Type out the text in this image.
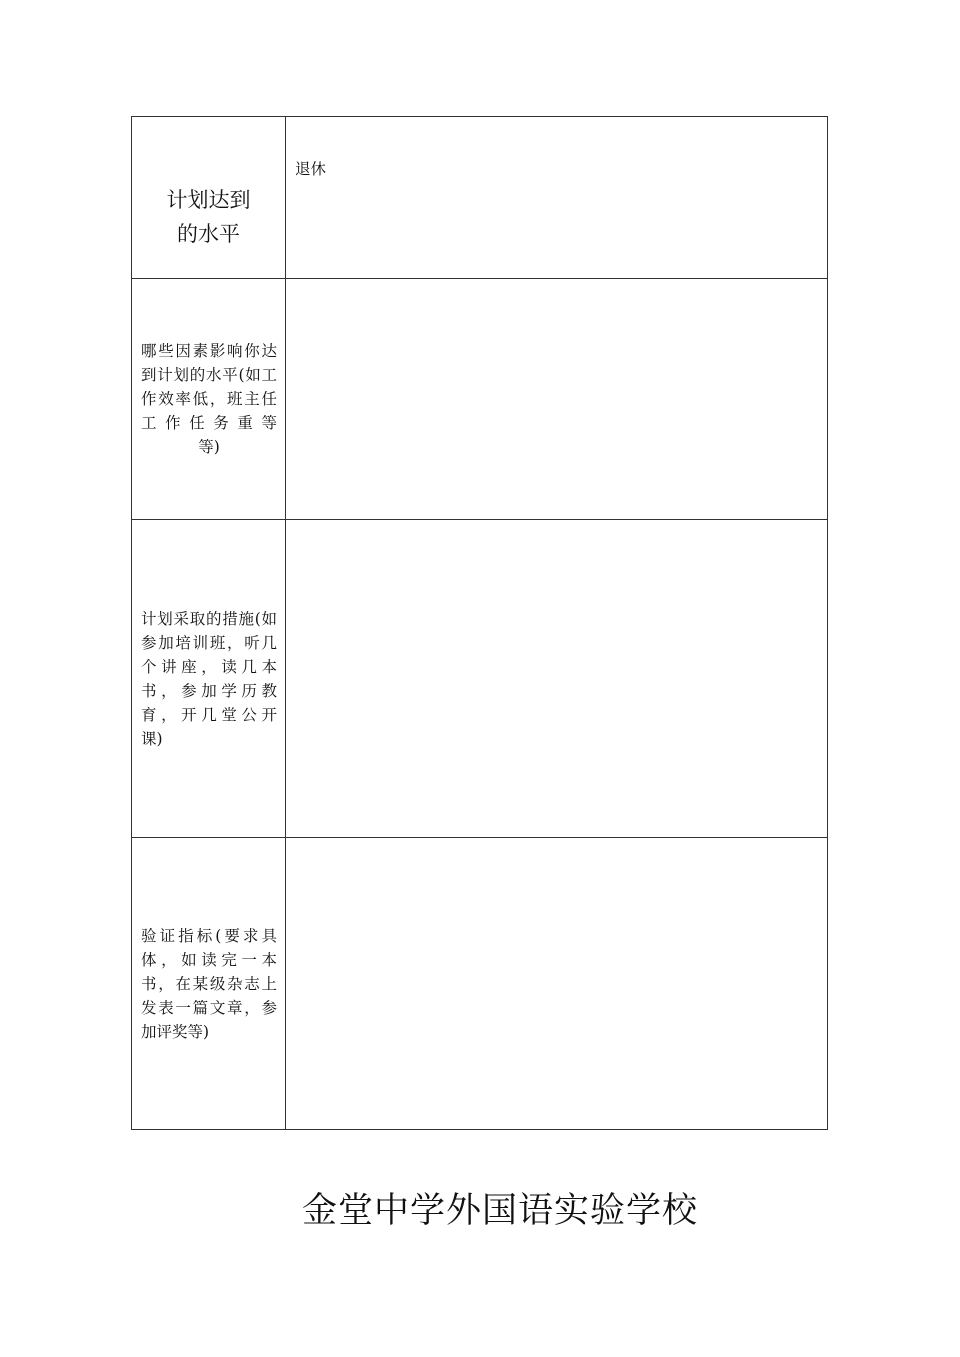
计划达到
的水平	退休

哪些因素影响你达到计划的水平(如工作效率低，班主任工作任务重等
等)	

计划采取的措施(如参加培训班，听几个讲座，读几本书，参加学历教育，开几堂公开
课)	

验证指标(要求具体，如读完一本书，在某级杂志上发表一篇文章，参
加评奖等)	

金堂中学外国语实验学校
